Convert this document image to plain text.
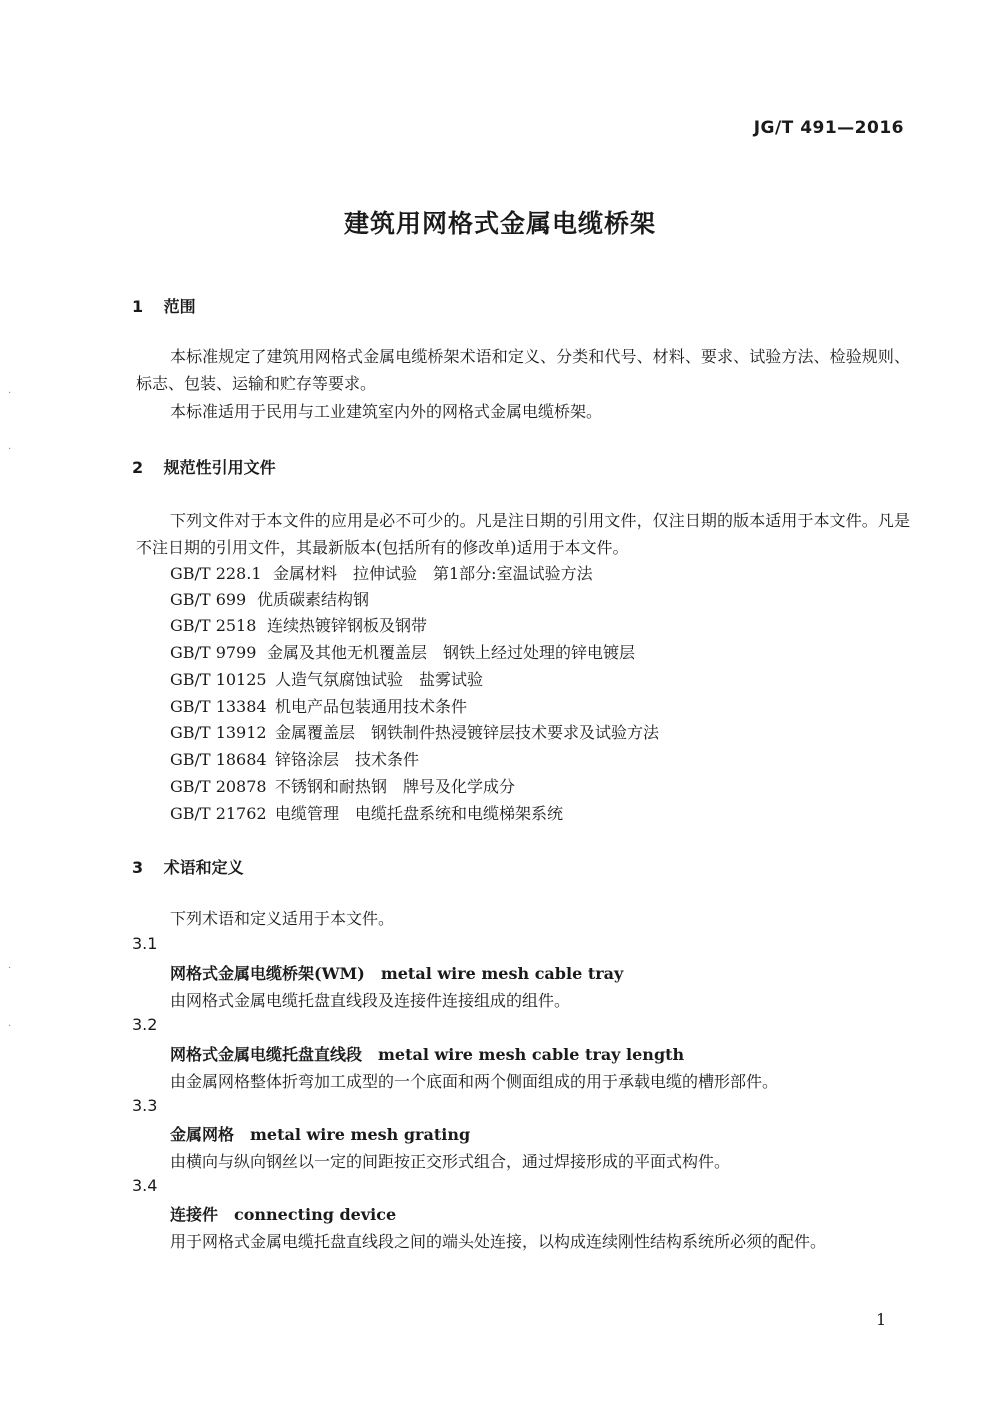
JG/T 491—2016
建筑用网格式金属电缆桥架
1 范围
本标准规定了建筑用网格式金属电缆桥架术语和定义、分类和代号、材料、要求、试验方法、检验规则、标志、包装、运输和贮存等要求。
本标准适用于民用与工业建筑室内外的网格式金属电缆桥架。
2 规范性引用文件
下列文件对于本文件的应用是必不可少的。凡是注日期的引用文件，仅注日期的版本适用于本文件。凡是不注日期的引用文件，其最新版本(包括所有的修改单)适用于本文件。
GB/T 228.1 金属材料　拉伸试验　第1部分:室温试验方法
GB/T 699 优质碳素结构钢
GB/T 2518 连续热镀锌钢板及钢带
GB/T 9799 金属及其他无机覆盖层　钢铁上经过处理的锌电镀层
GB/T 10125 人造气氛腐蚀试验　盐雾试验
GB/T 13384 机电产品包装通用技术条件
GB/T 13912 金属覆盖层　钢铁制件热浸镀锌层技术要求及试验方法
GB/T 18684 锌铬涂层　技术条件
GB/T 20878 不锈钢和耐热钢　牌号及化学成分
GB/T 21762 电缆管理　电缆托盘系统和电缆梯架系统
3 术语和定义
下列术语和定义适用于本文件。
3.1
网格式金属电缆桥架(WM)　metal wire mesh cable tray
由网格式金属电缆托盘直线段及连接件连接组成的组件。
3.2
网格式金属电缆托盘直线段　metal wire mesh cable tray length
由金属网格整体折弯加工成型的一个底面和两个侧面组成的用于承载电缆的槽形部件。
3.3
金属网格　metal wire mesh grating
由横向与纵向钢丝以一定的间距按正交形式组合，通过焊接形成的平面式构件。
3.4
连接件　connecting device
用于网格式金属电缆托盘直线段之间的端头处连接，以构成连续刚性结构系统所必须的配件。
1
·
·
·
·
